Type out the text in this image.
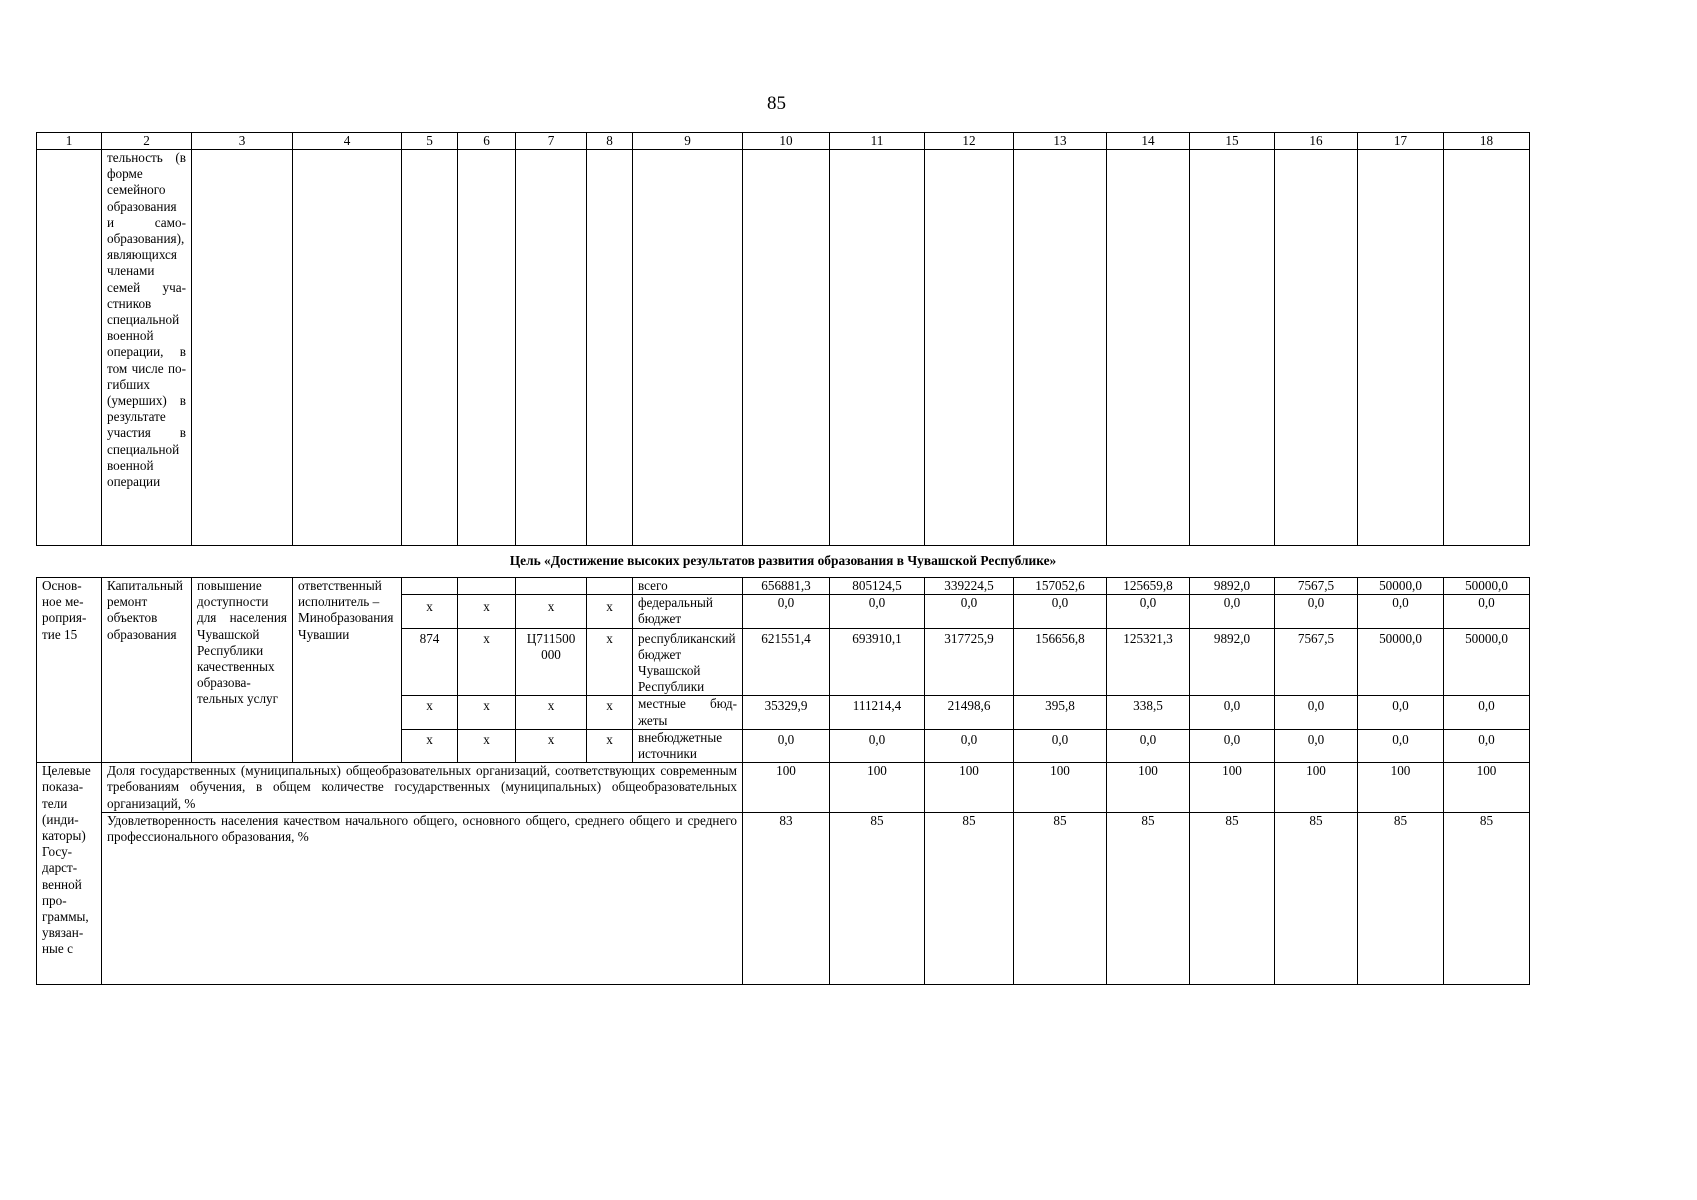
85
1	2	3	4	5	6	7	8	9	10	11	12	13	14	15	16	17	18
	тельность (в форме семейного образования и самообразования), являющихся членами семей участников специальной военной операции, в том числе погибших (умерших) в результате участия в специальной военной операции																
Цель «Достижение высоких результатов развития образования в Чувашской Республике»																	
Основное мероприятие 15	Капитальный ремонт объектов образования	повышение доступности для населения Чувашской Республики качественных образовательных услуг	ответственный исполнитель – Минобразования Чувашии					всего	656881,3	805124,5	339224,5	157052,6	125659,8	9892,0	7567,5	50000,0	50000,0
				x	x	x	x	федеральный бюджет	0,0	0,0	0,0	0,0	0,0	0,0	0,0	0,0	0,0
				874	x	Ц711500 000	x	республиканский бюджет Чувашской Республики	621551,4	693910,1	317725,9	156656,8	125321,3	9892,0	7567,5	50000,0	50000,0
				x	x	x	x	местные бюджеты	35329,9	111214,4	21498,6	395,8	338,5	0,0	0,0	0,0	0,0
				x	x	x	x	внебюджетные источники	0,0	0,0	0,0	0,0	0,0	0,0	0,0	0,0	0,0
Целевые показатели (индикаторы) Государственной программы, увязанные с	Доля государственных (муниципальных) общеобразовательных организаций, соответствующих современным требованиям обучения, в общем количестве государственных (муниципальных) общеобразовательных организаций, %								100	100	100	100	100	100	100	100	100
	Удовлетворенность населения качеством начального общего, основного общего, среднего общего и среднего профессионального образования, %								83	85	85	85	85	85	85	85	85
